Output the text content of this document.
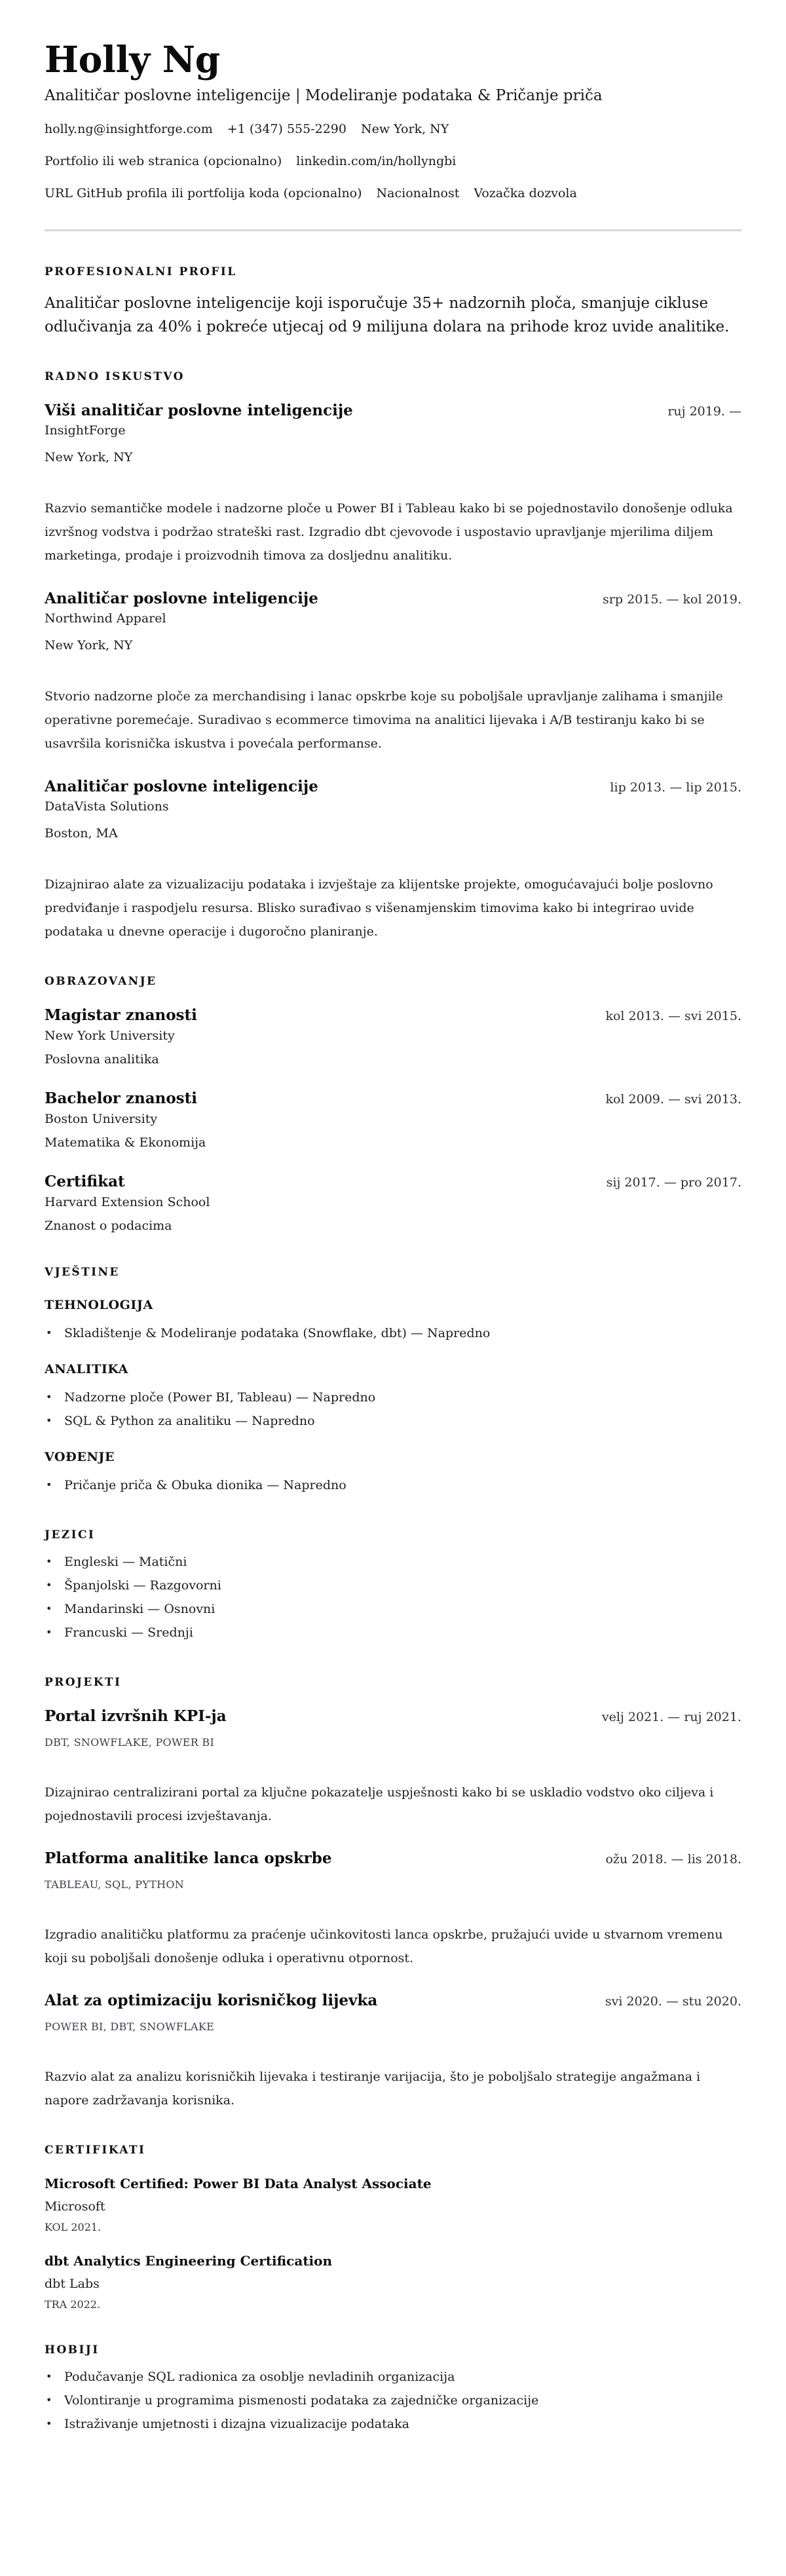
Holly Ng
Analitičar poslovne inteligencije | Modeliranje podataka & Pričanje priča
holly.ng@insightforge.com +1 (347) 555-2290 New York, NY
Portfolio ili web stranica (opcionalno) linkedin.com/in/hollyngbi
URL GitHub profila ili portfolija koda (opcionalno) Nacionalnost Vozačka dozvola
PROFESIONALNI PROFIL

Analitičar poslovne inteligencije koji isporučuje 35+ nadzornih ploča, smanjuje cikluse odlučivanja za 40% i pokreće utjecaj od 9 milijuna dolara na prihode kroz uvide analitike.

RADNO ISKUSTVO
Viši analitičar poslovne inteligencije	ruj 2019. —
InsightForge
New York, NY

Razvio semantičke modele i nadzorne ploče u Power BI i Tableau kako bi se pojednostavilo donošenje odluka izvršnog vodstva i podržao strateški rast. Izgradio dbt cjevovode i uspostavio upravljanje mjerilima diljem marketinga, prodaje i proizvodnih timova za dosljednu analitiku.

Analitičar poslovne inteligencije	srp 2015. — kol 2019.
Northwind Apparel
New York, NY

Stvorio nadzorne ploče za merchandising i lanac opskrbe koje su poboljšale upravljanje zalihama i smanjile operativne poremećaje. Suradivao s ecommerce timovima na analitici lijevaka i A/B testiranju kako bi se usavršila korisnička iskustva i povećala performanse.

Analitičar poslovne inteligencije	lip 2013. — lip 2015.
DataVista Solutions
Boston, MA

Dizajnirao alate za vizualizaciju podataka i izvještaje za klijentske projekte, omogućavajući bolje poslovno predviđanje i raspodjelu resursa. Blisko surađivao s višenamjenskim timovima kako bi integrirao uvide podataka u dnevne operacije i dugoročno planiranje.

OBRAZOVANJE
Magistar znanosti	kol 2013. — svi 2015.
New York University
Poslovna analitika
Bachelor znanosti	kol 2009. — svi 2013.
Boston University
Matematika & Ekonomija
Certifikat	sij 2017. — pro 2017.
Harvard Extension School
Znanost o podacima
VJEŠTINE
TEHNOLOGIJA
• Skladištenje & Modeliranje podataka (Snowflake, dbt) — Napredno
ANALITIKA
• Nadzorne ploče (Power BI, Tableau) — Napredno
• SQL & Python za analitiku — Napredno
VOĐENJE
• Pričanje priča & Obuka dionika — Napredno
JEZICI
• Engleski — Matični
• Španjolski — Razgovorni
• Mandarinski — Osnovni
• Francuski — Srednji
PROJEKTI
Portal izvršnih KPI-ja	velj 2021. — ruj 2021.
DBT, SNOWFLAKE, POWER BI

Dizajnirao centralizirani portal za ključne pokazatelje uspješnosti kako bi se uskladio vodstvo oko ciljeva i pojednostavili procesi izvještavanja.

Platforma analitike lanca opskrbe	ožu 2018. — lis 2018.
TABLEAU, SQL, PYTHON

Izgradio analitičku platformu za praćenje učinkovitosti lanca opskrbe, pružajući uvide u stvarnom vremenu koji su poboljšali donošenje odluka i operativnu otpornost.

Alat za optimizaciju korisničkog lijevka	svi 2020. — stu 2020.
POWER BI, DBT, SNOWFLAKE

Razvio alat za analizu korisničkih lijevaka i testiranje varijacija, što je poboljšalo strategije angažmana i napore zadržavanja korisnika.

CERTIFIKATI
Microsoft Certified: Power BI Data Analyst Associate
Microsoft
KOL 2021.
dbt Analytics Engineering Certification
dbt Labs
TRA 2022.
HOBIJI
• Podučavanje SQL radionica za osoblje nevladinih organizacija
• Volontiranje u programima pismenosti podataka za zajedničke organizacije
• Istraživanje umjetnosti i dizajna vizualizacije podataka
